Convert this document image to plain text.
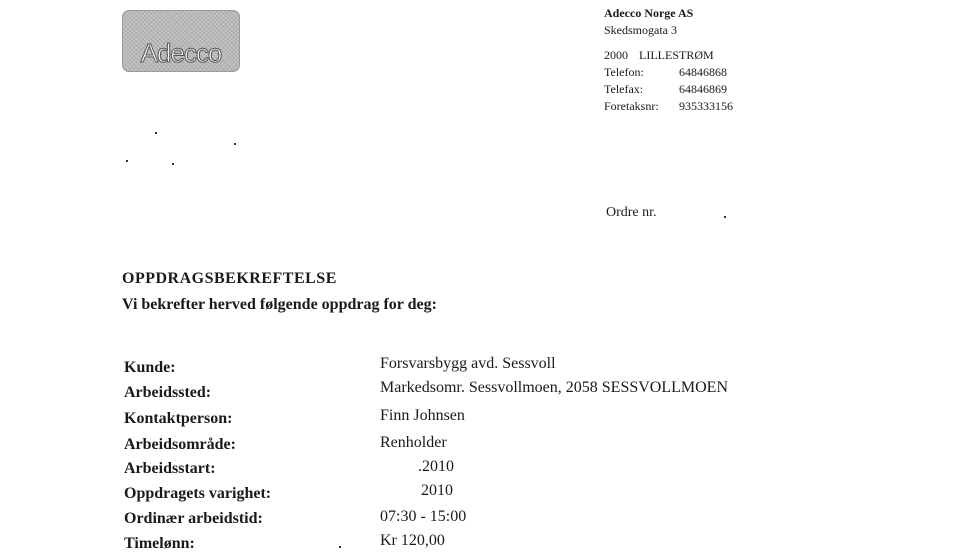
Adecco
Adecco Norge AS
Skedsmogata 3
2000 LILLESTRØM
Telefon:	64846868
Telefax:	64846869
Foretaksnr: 935333156
Ordre nr.
OPPDRAGSBEKREFTELSE
Vi bekrefter herved følgende oppdrag for deg:
Kunde:	Forsvarsbygg avd. Sessvoll
Arbeidssted:	Markedsomr. Sessvollmoen, 2058 SESSVOLLMOEN
Kontaktperson:	Finn Johnsen
Arbeidsområde:	Renholder
Arbeidsstart:	.2010
Oppdragets varighet:	2010
Ordinær arbeidstid:	07:30 - 15:00
Timelønn:	Kr 120,00
